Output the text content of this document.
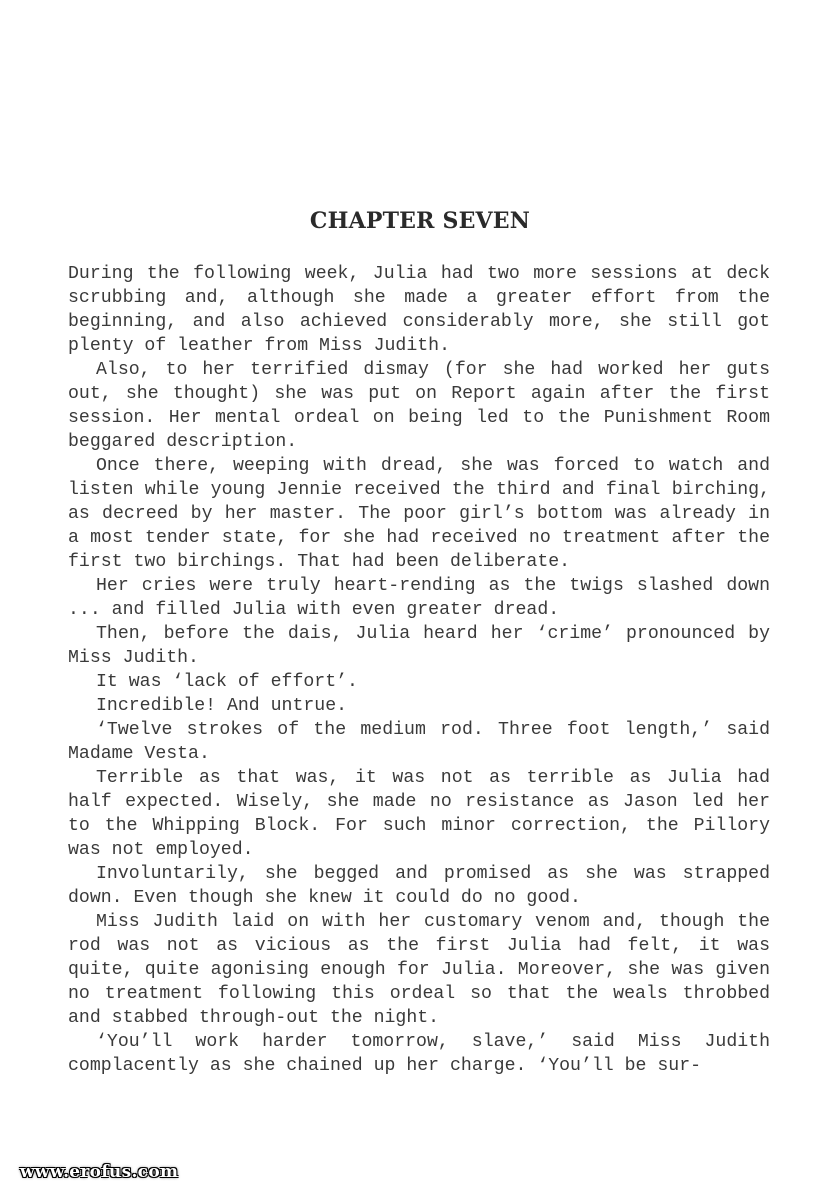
CHAPTER SEVEN

During the following week, Julia had two more sessions at deck scrubbing and, although she made a greater effort from the beginning, and also achieved considerably more, she still got plenty of leather from Miss Judith.

Also, to her terrified dismay (for she had worked her guts out, she thought) she was put on Report again after the first session. Her mental ordeal on being led to the Punishment Room beggared description.

Once there, weeping with dread, she was forced to watch and listen while young Jennie received the third and final birching, as decreed by her master. The poor girl’s bottom was already in a most tender state, for she had received no treatment after the first two birchings. That had been deliberate.

Her cries were truly heart-rending as the twigs slashed down ... and filled Julia with even greater dread.

Then, before the dais, Julia heard her ‘crime’ pronounced by Miss Judith.

It was ‘lack of effort’.

Incredible! And untrue.

‘Twelve strokes of the medium rod. Three foot length,’ said Madame Vesta.

Terrible as that was, it was not as terrible as Julia had half expected. Wisely, she made no resistance as Jason led her to the Whipping Block. For such minor correction, the Pillory was not employed.

Involuntarily, she begged and promised as she was strapped down. Even though she knew it could do no good.

Miss Judith laid on with her customary venom and, though the rod was not as vicious as the first Julia had felt, it was quite, quite agonising enough for Julia. Moreover, she was given no treatment following this ordeal so that the weals throbbed and stabbed through-out the night.

‘You’ll work harder tomorrow, slave,’ said Miss Judith complacently as she chained up her charge. ‘You’ll be sur-

www.erofus.com
